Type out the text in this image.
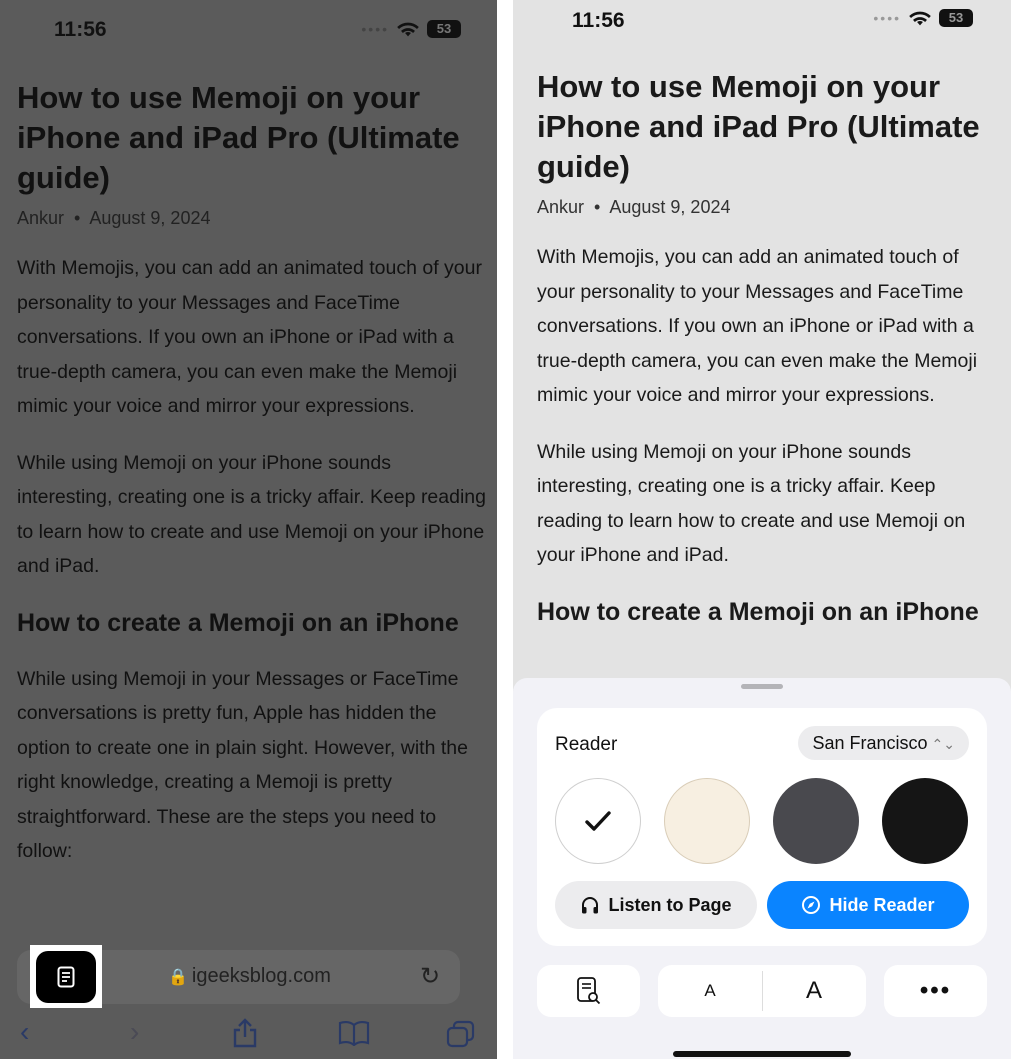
11:56	••••	53
How to use Memoji on your iPhone and iPad Pro (Ultimate guide)
Ankur • August 9, 2024
With Memojis, you can add an animated touch of your personality to your Messages and FaceTime conversations. If you own an iPhone or iPad with a true-depth camera, you can even make the Memoji mimic your voice and mirror your expressions.
While using Memoji on your iPhone sounds interesting, creating one is a tricky affair. Keep reading to learn how to create and use Memoji on your iPhone and iPad.
How to create a Memoji on an iPhone
While using Memoji in your Messages or FaceTime conversations is pretty fun, Apple has hidden the option to create one in plain sight. However, with the right knowledge, creating a Memoji is pretty straightforward. These are the steps you need to follow:
🔒 igeeksblog.com	↻
‹	›
11:56	••••	53
How to use Memoji on your iPhone and iPad Pro (Ultimate guide)
Ankur • August 9, 2024
With Memojis, you can add an animated touch of your personality to your Messages and FaceTime conversations. If you own an iPhone or iPad with a true-depth camera, you can even make the Memoji mimic your voice and mirror your expressions.
While using Memoji on your iPhone sounds interesting, creating one is a tricky affair. Keep reading to learn how to create and use Memoji on your iPhone and iPad.
How to create a Memoji on an iPhone
Reader	San Francisco ⌃⌄
Listen to Page	Hide Reader
A	A	•••
